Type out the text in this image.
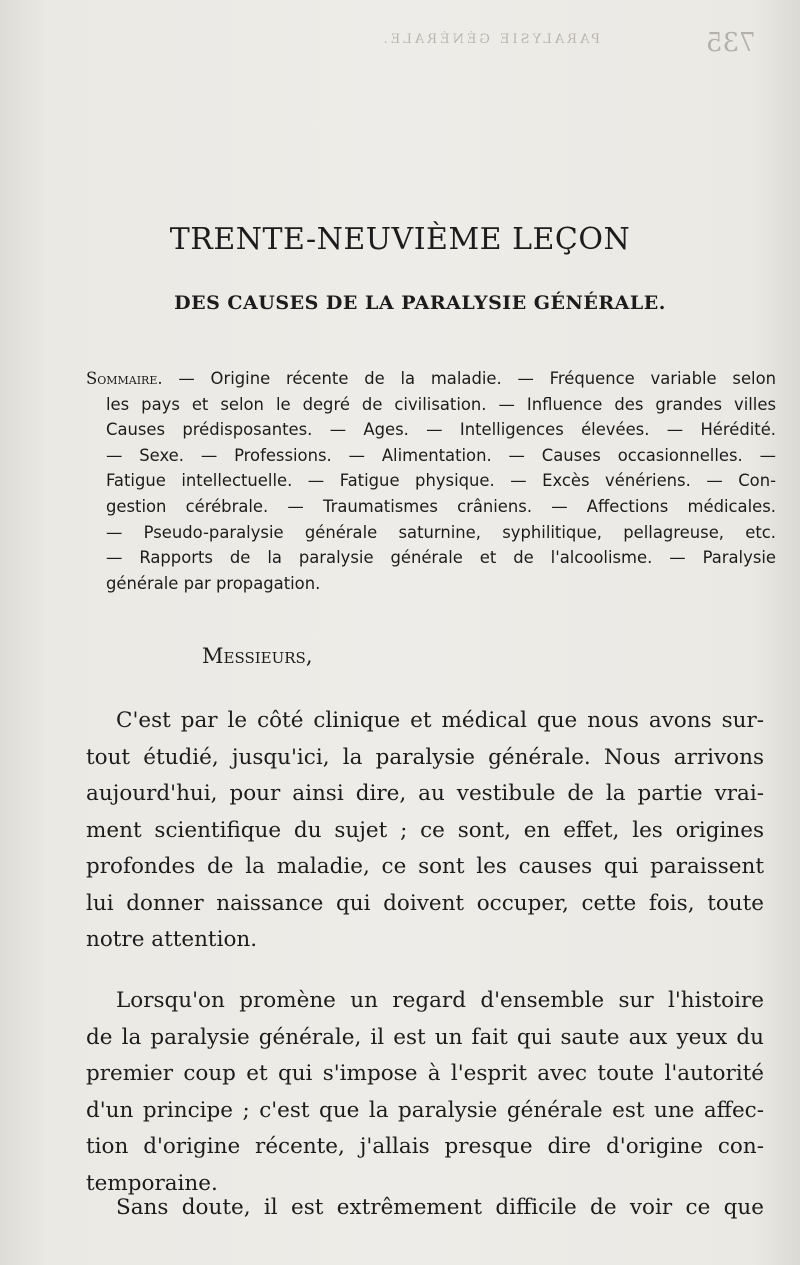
PARALYSIE GÉNÉRALE.	735
TRENTE-NEUVIÈME LEÇON
DES CAUSES DE LA PARALYSIE GÉNÉRALE.

Sommaire. — Origine récente de la maladie. — Fréquence variable selon
les pays et selon le degré de civilisation. — Influence des grandes villes
Causes prédisposantes. — Ages. — Intelligences élevées. — Hérédité.
— Sexe. — Professions. — Alimentation. — Causes occasionnelles. —
Fatigue intellectuelle. — Fatigue physique. — Excès vénériens. — Con-
gestion cérébrale. — Traumatismes crâniens. — Affections médicales.
— Pseudo-paralysie générale saturnine, syphilitique, pellagreuse, etc.
— Rapports de la paralysie générale et de l'alcoolisme. — Paralysie
générale par propagation.

Messieurs,

C'est par le côté clinique et médical que nous avons sur-
tout étudié, jusqu'ici, la paralysie générale. Nous arrivons
aujourd'hui, pour ainsi dire, au vestibule de la partie vrai-
ment scientifique du sujet ; ce sont, en effet, les origines
profondes de la maladie, ce sont les causes qui paraissent
lui donner naissance qui doivent occuper, cette fois, toute
notre attention.

Lorsqu'on promène un regard d'ensemble sur l'histoire
de la paralysie générale, il est un fait qui saute aux yeux du
premier coup et qui s'impose à l'esprit avec toute l'autorité
d'un principe ; c'est que la paralysie générale est une affec-
tion d'origine récente, j'allais presque dire d'origine con-
temporaine.

Sans doute, il est extrêmement difficile de voir ce que
